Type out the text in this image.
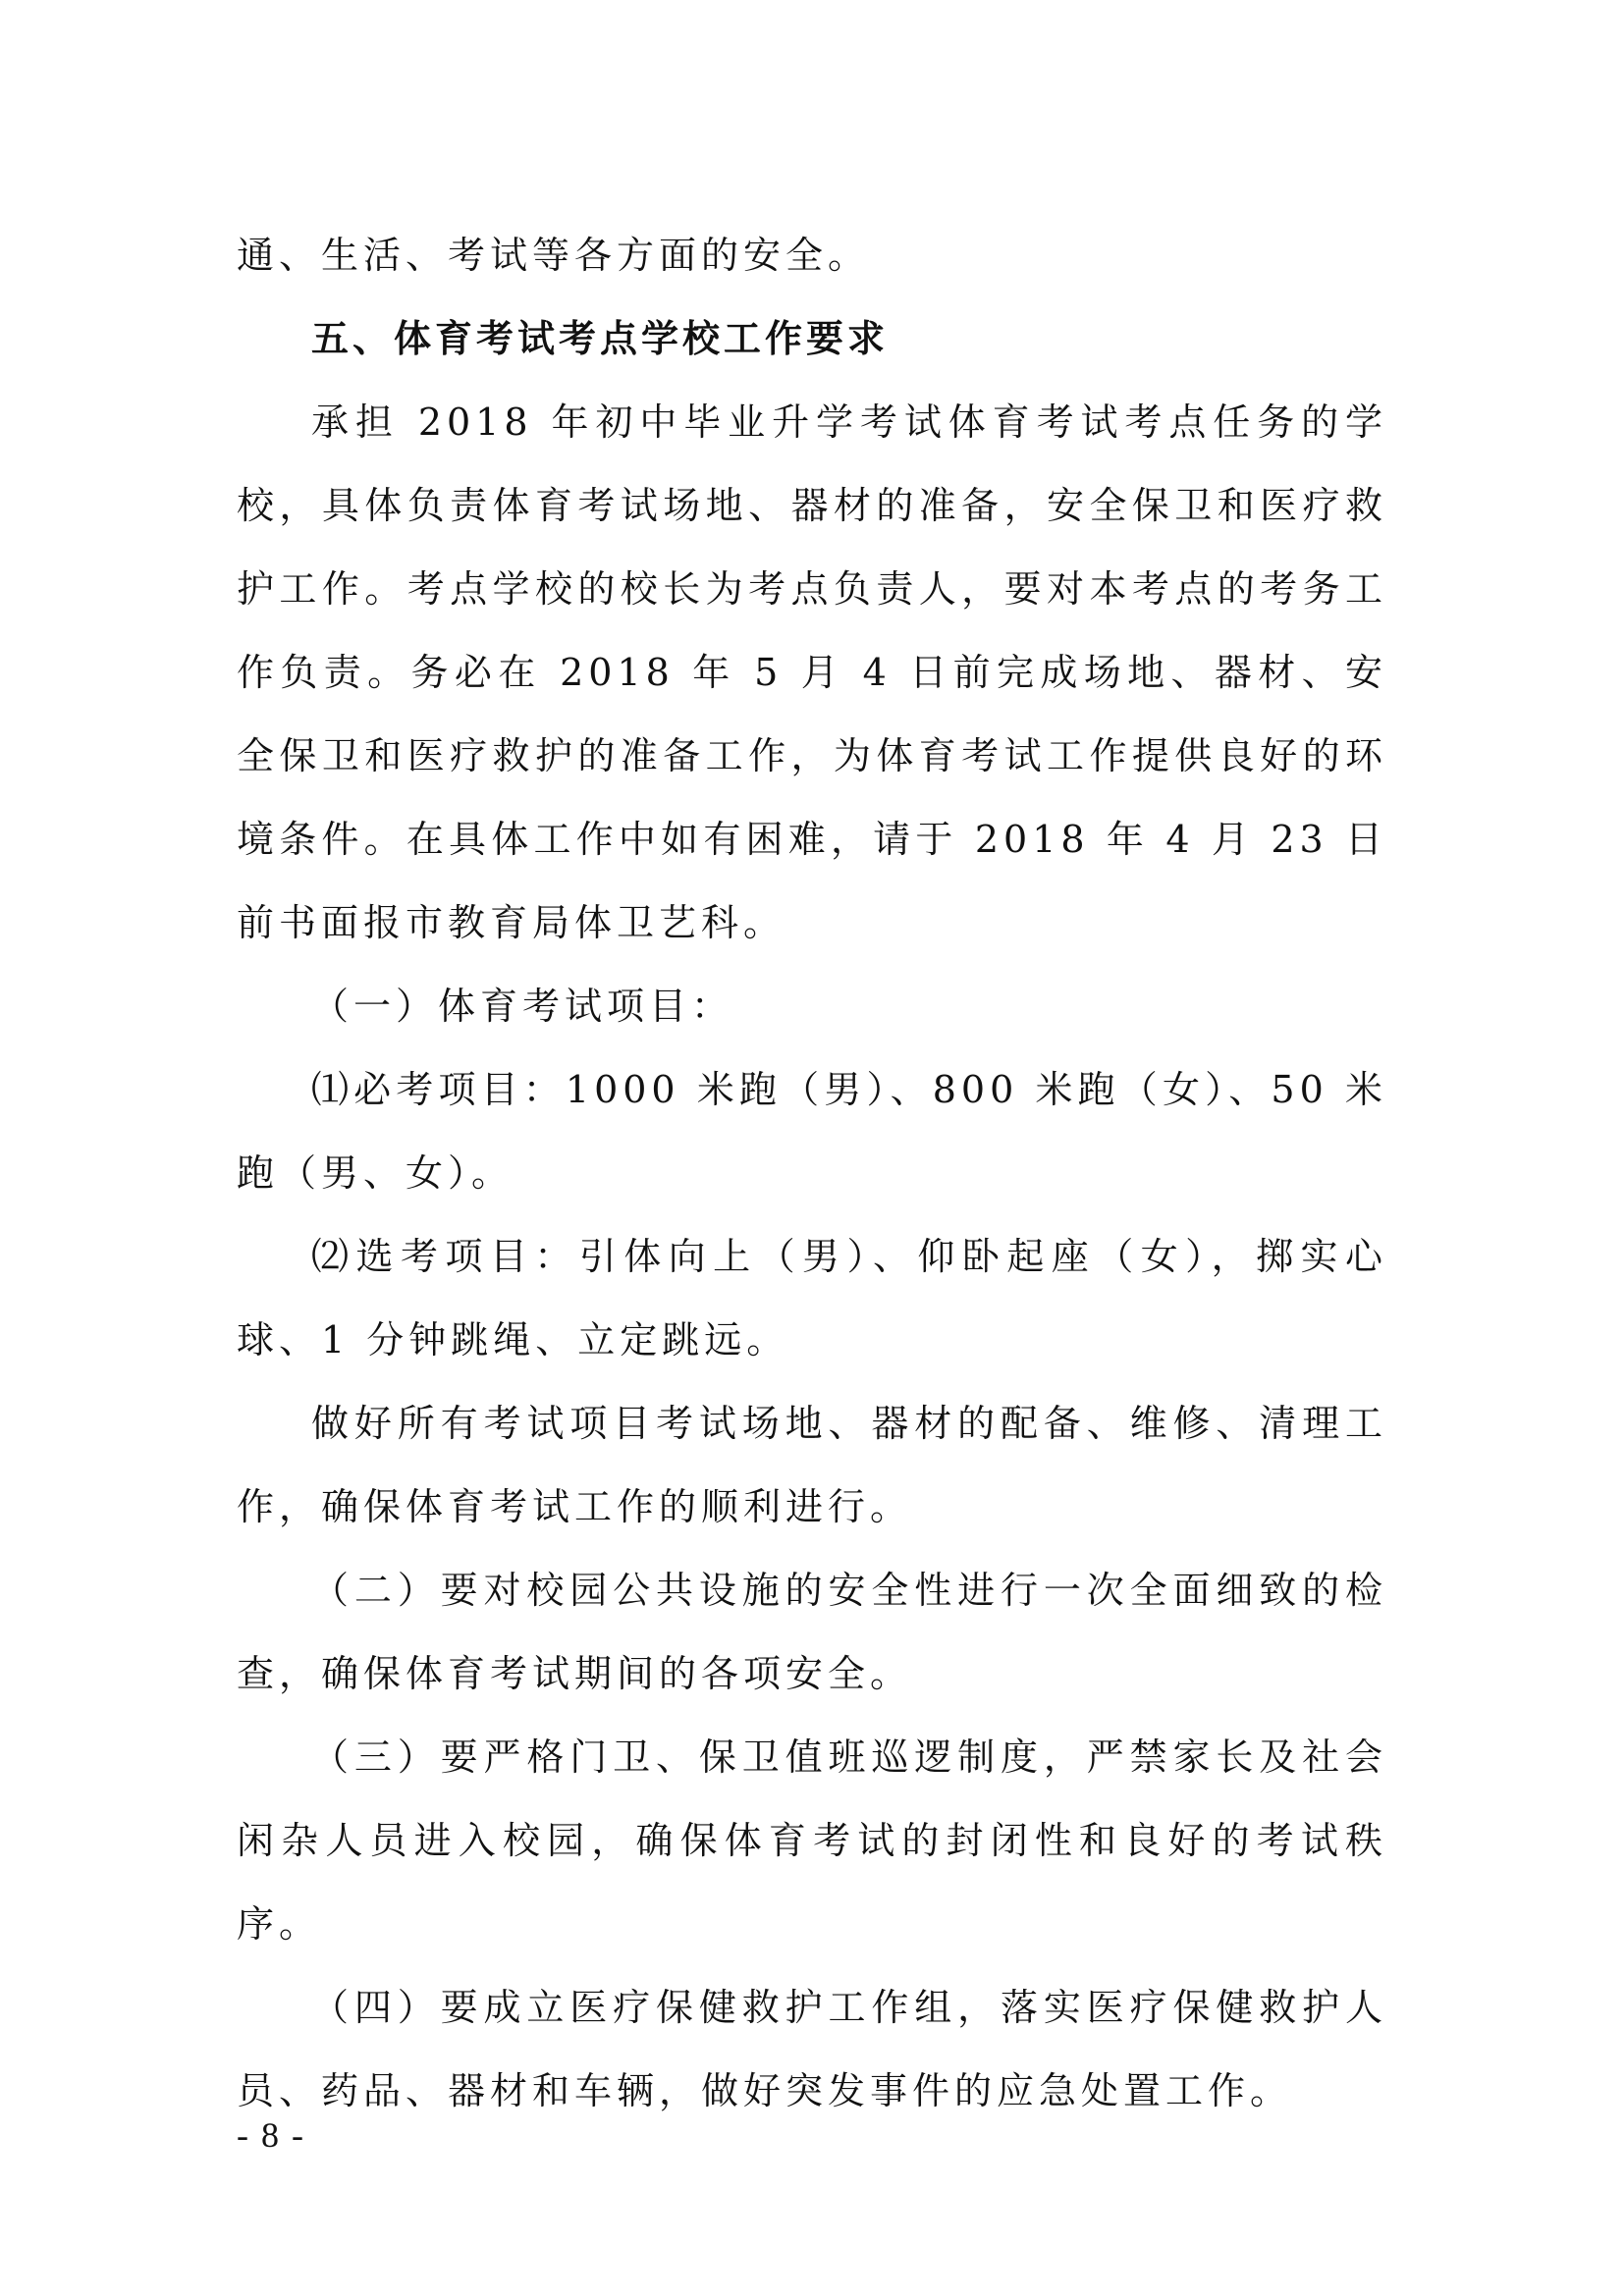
通、生活、考试等各方面的安全。

五、体育考试考点学校工作要求

承担 2018 年初中毕业升学考试体育考试考点任务的学校，具体负责体育考试场地、器材的准备，安全保卫和医疗救护工作。考点学校的校长为考点负责人，要对本考点的考务工作负责。务必在 2018 年 5 月 4 日前完成场地、器材、安全保卫和医疗救护的准备工作，为体育考试工作提供良好的环境条件。在具体工作中如有困难，请于 2018 年 4 月 23 日前书面报市教育局体卫艺科。

（一）体育考试项目：

⑴必考项目：1000 米跑（男）、800 米跑（女）、50 米跑（男、女）。

⑵选考项目：引体向上（男）、仰卧起座（女），掷实心球、1 分钟跳绳、立定跳远。

做好所有考试项目考试场地、器材的配备、维修、清理工作，确保体育考试工作的顺利进行。

（二）要对校园公共设施的安全性进行一次全面细致的检查，确保体育考试期间的各项安全。

（三）要严格门卫、保卫值班巡逻制度，严禁家长及社会闲杂人员进入校园，确保体育考试的封闭性和良好的考试秩序。

（四）要成立医疗保健救护工作组，落实医疗保健救护人员、药品、器材和车辆，做好突发事件的应急处置工作。

- 8 -
